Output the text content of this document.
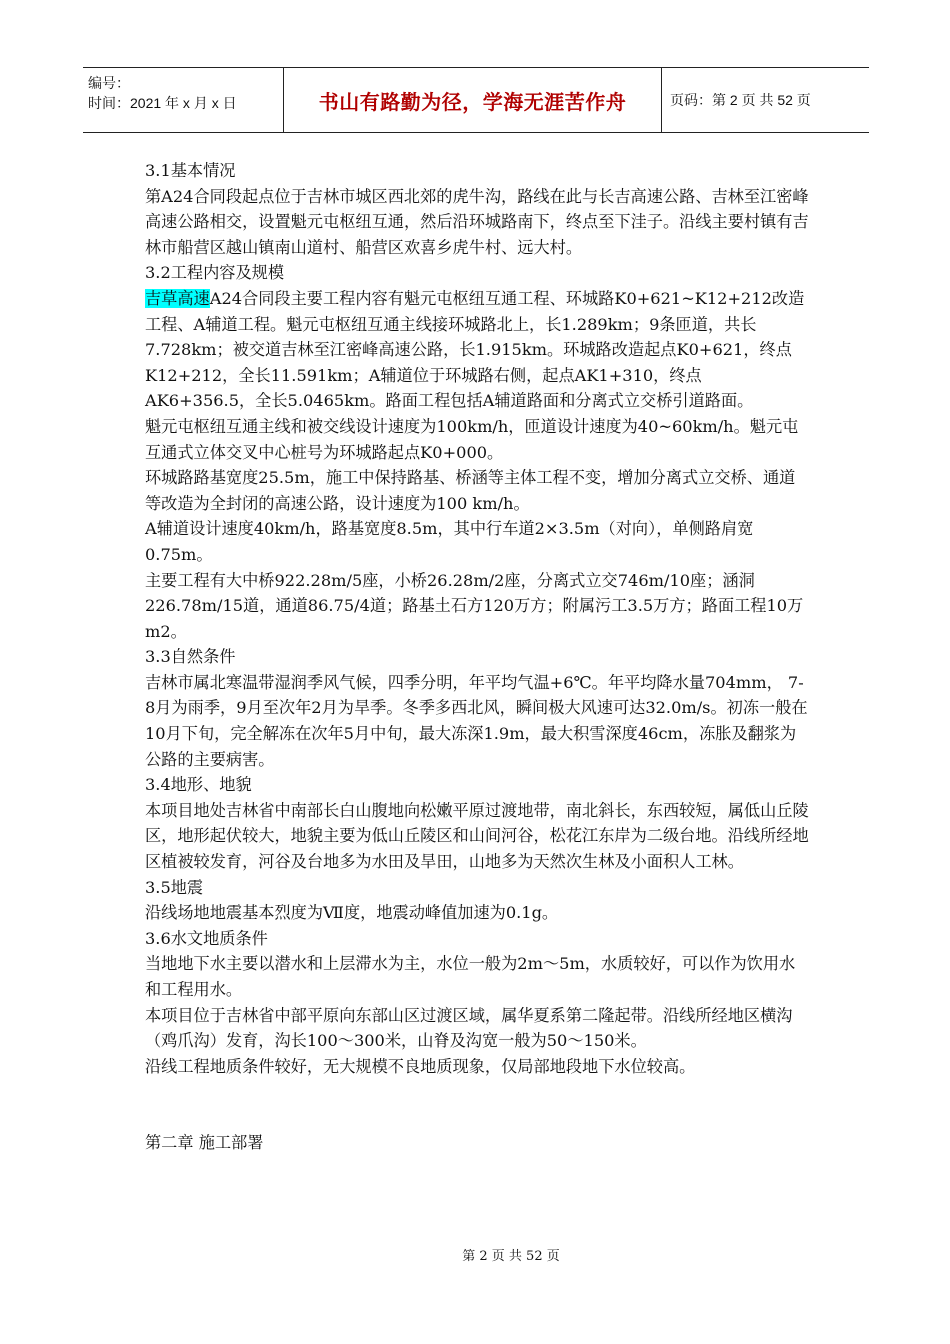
编号：
时间：2021 年 x 月 x 日	书山有路勤为径，学海无涯苦作舟	页码：第 2 页 共 52 页

3.1基本情况

第A24合同段起点位于吉林市城区西北郊的虎牛沟，路线在此与长吉高速公路、吉林至江密峰高速公路相交，设置魁元屯枢纽互通，然后沿环城路南下，终点至下洼子。沿线主要村镇有吉林市船营区越山镇南山道村、船营区欢喜乡虎牛村、远大村。

3.2工程内容及规模

吉草高速A24合同段主要工程内容有魁元屯枢纽互通工程、环城路K0+621~K12+212改造工程、A辅道工程。魁元屯枢纽互通主线接环城路北上，长1.289km；9条匝道，共长7.728km；被交道吉林至江密峰高速公路，长1.915km。环城路改造起点K0+621，终点K12+212，全长11.591km；A辅道位于环城路右侧，起点AK1+310，终点AK6+356.5，全长5.0465km。路面工程包括A辅道路面和分离式立交桥引道路面。

魁元屯枢纽互通主线和被交线设计速度为100km/h，匝道设计速度为40~60km/h。魁元屯互通式立体交叉中心桩号为环城路起点K0+000。

环城路路基宽度25.5m，施工中保持路基、桥涵等主体工程不变，增加分离式立交桥、通道等改造为全封闭的高速公路，设计速度为100 km/h。

A辅道设计速度40km/h，路基宽度8.5m，其中行车道2×3.5m（对向），单侧路肩宽0.75m。

主要工程有大中桥922.28m/5座，小桥26.28m/2座，分离式立交746m/10座；涵洞226.78m/15道，通道86.75/4道；路基土石方120万方；附属污工3.5万方；路面工程10万m2。

3.3自然条件

吉林市属北寒温带湿润季风气候，四季分明，年平均气温+6℃。年平均降水量704mm， 7-8月为雨季，9月至次年2月为旱季。冬季多西北风，瞬间极大风速可达32.0m/s。初冻一般在10月下旬，完全解冻在次年5月中旬，最大冻深1.9m，最大积雪深度46cm，冻胀及翻浆为公路的主要病害。

3.4地形、地貌

本项目地处吉林省中南部长白山腹地向松嫩平原过渡地带，南北斜长，东西较短，属低山丘陵区，地形起伏较大，地貌主要为低山丘陵区和山间河谷，松花江东岸为二级台地。沿线所经地区植被较发育，河谷及台地多为水田及旱田，山地多为天然次生林及小面积人工林。

3.5地震

沿线场地地震基本烈度为Ⅶ度，地震动峰值加速为0.1g。

3.6水文地质条件

当地地下水主要以潜水和上层滞水为主，水位一般为2m～5m，水质较好，可以作为饮用水和工程用水。

本项目位于吉林省中部平原向东部山区过渡区域，属华夏系第二隆起带。沿线所经地区横沟（鸡爪沟）发育，沟长100～300米，山脊及沟宽一般为50～150米。

沿线工程地质条件较好，无大规模不良地质现象，仅局部地段地下水位较高。

第二章 施工部署

第 2 页 共 52 页
